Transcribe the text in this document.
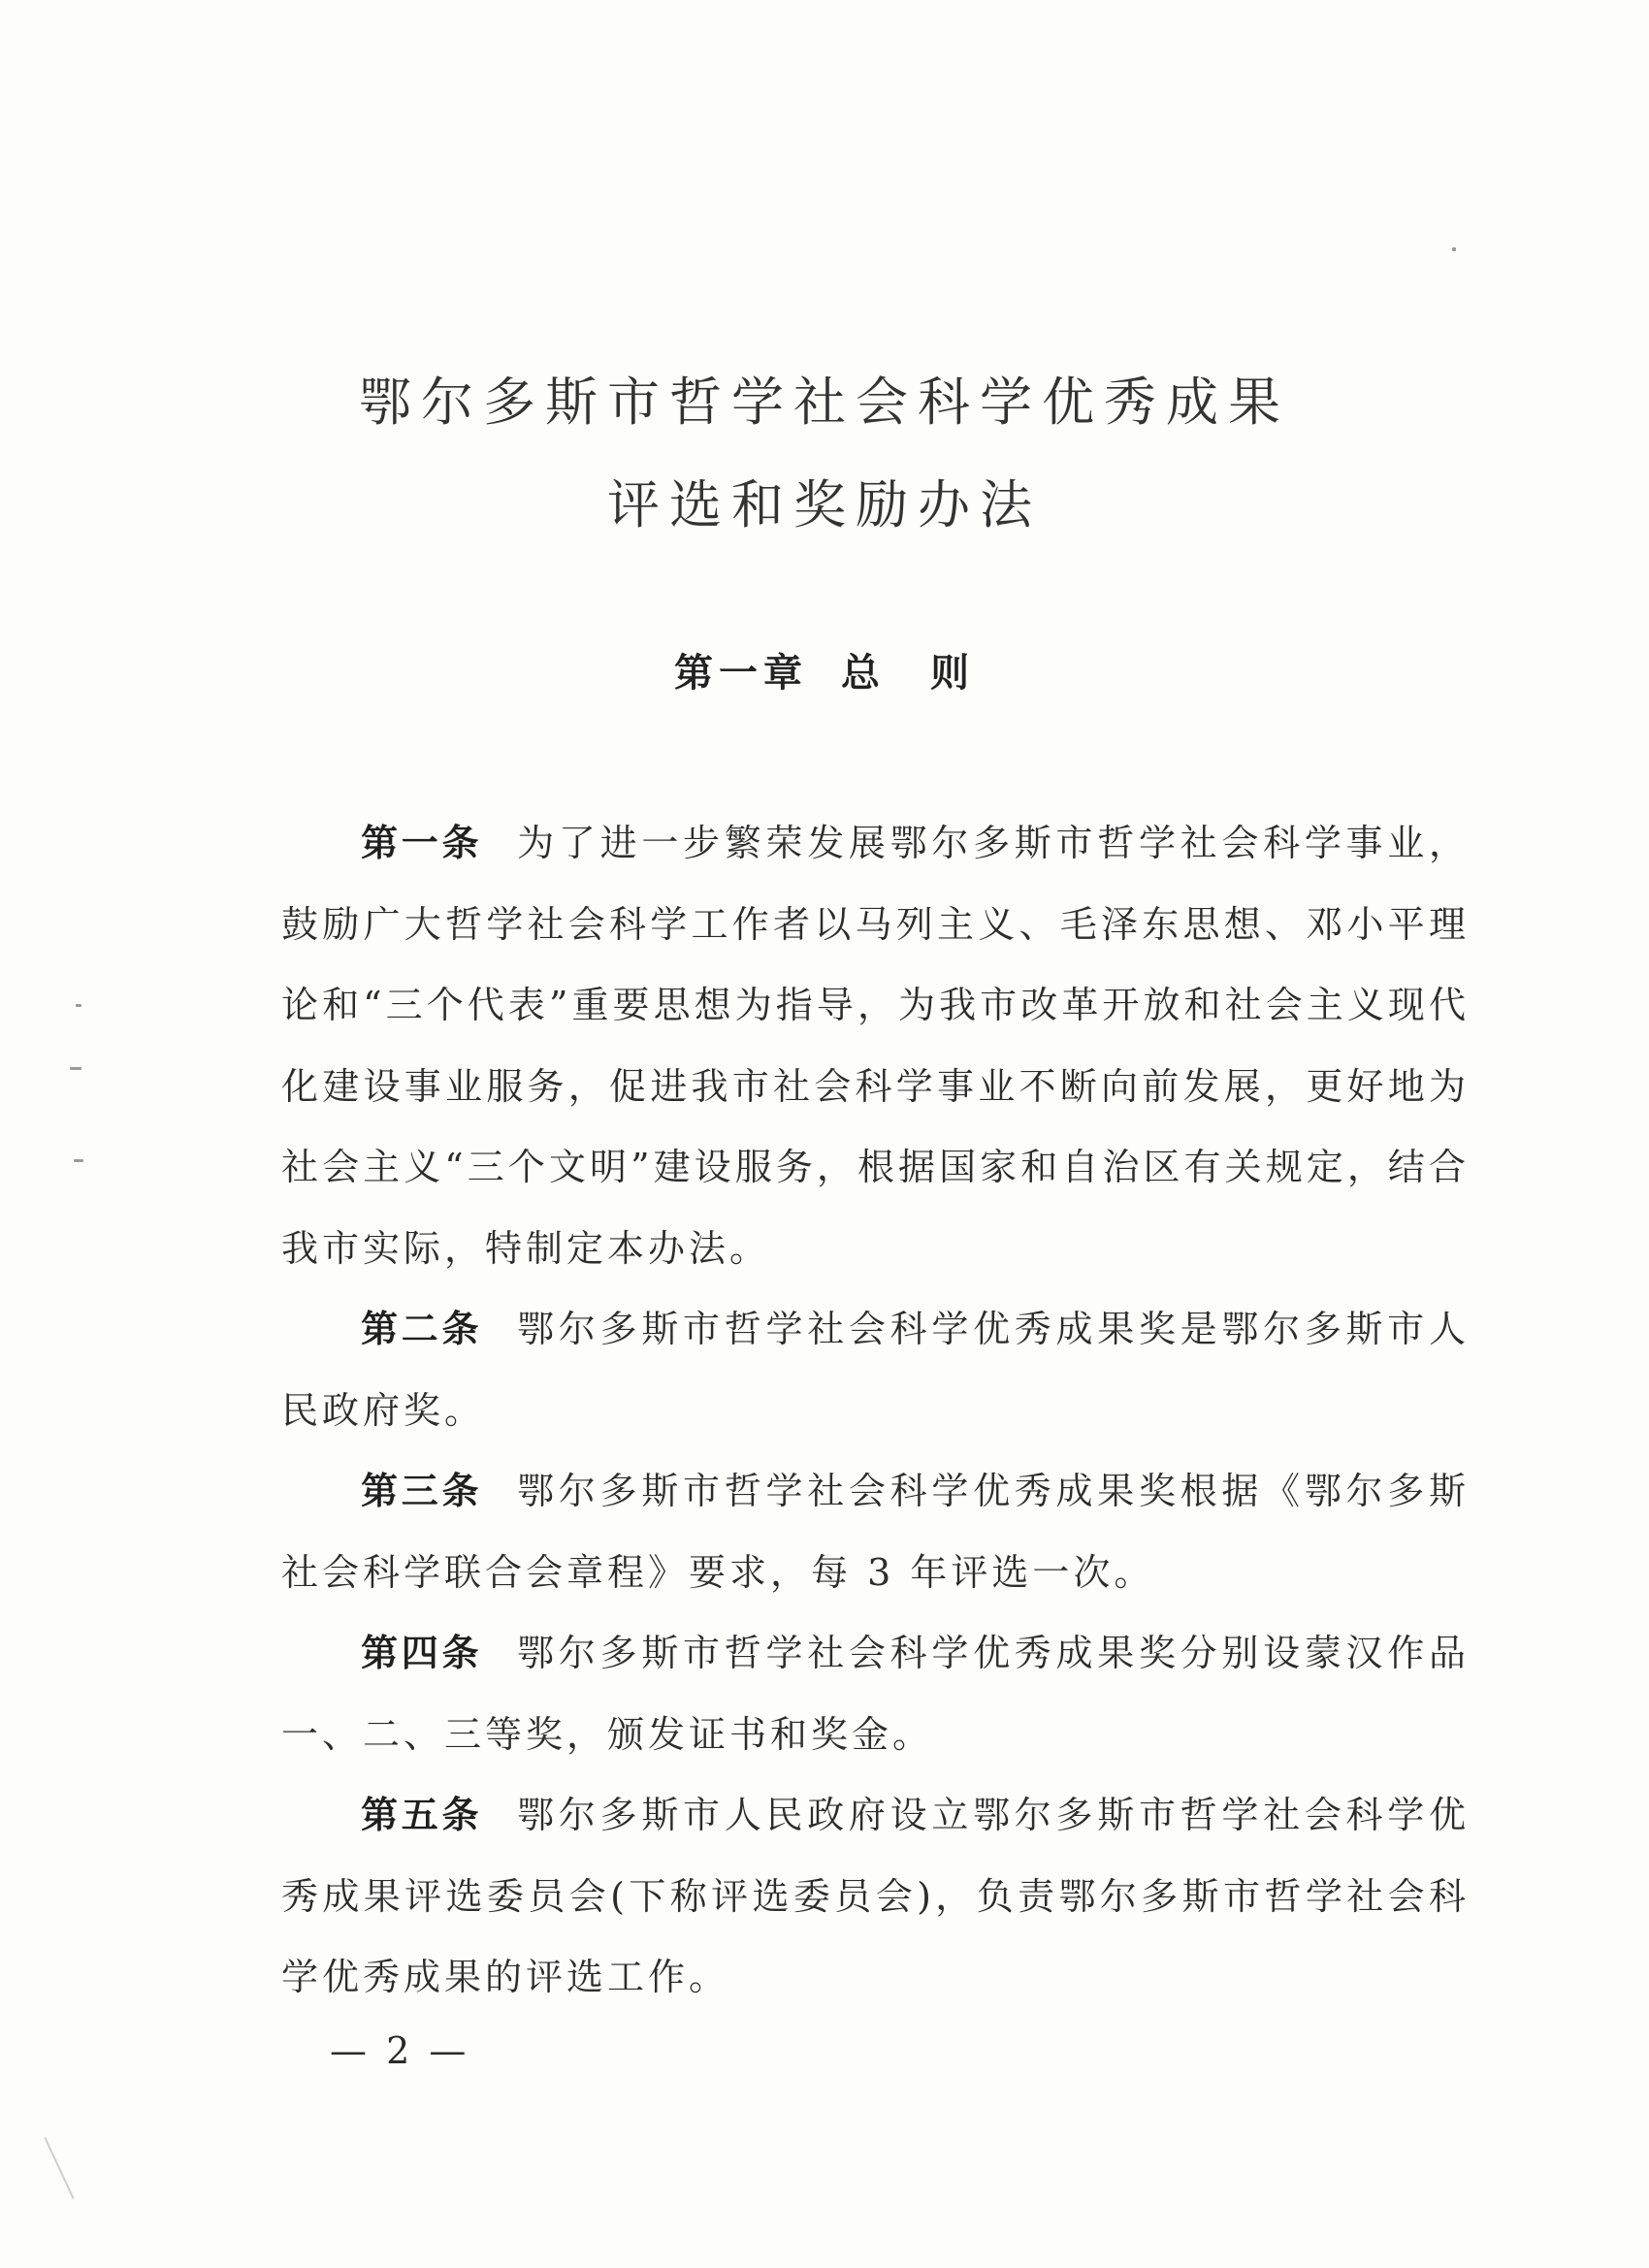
鄂尔多斯市哲学社会科学优秀成果
评选和奖励办法
第一章 总　则

第一条 为了进一步繁荣发展鄂尔多斯市哲学社会科学事业，鼓励广大哲学社会科学工作者以马列主义、毛泽东思想、邓小平理论和“三个代表”重要思想为指导，为我市改革开放和社会主义现代化建设事业服务，促进我市社会科学事业不断向前发展，更好地为社会主义“三个文明”建设服务，根据国家和自治区有关规定，结合我市实际，特制定本办法。

第二条 鄂尔多斯市哲学社会科学优秀成果奖是鄂尔多斯市人民政府奖。

第三条 鄂尔多斯市哲学社会科学优秀成果奖根据《鄂尔多斯社会科学联合会章程》要求，每 3 年评选一次。

第四条 鄂尔多斯市哲学社会科学优秀成果奖分别设蒙汉作品一、二、三等奖，颁发证书和奖金。

第五条 鄂尔多斯市人民政府设立鄂尔多斯市哲学社会科学优秀成果评选委员会(下称评选委员会)，负责鄂尔多斯市哲学社会科学优秀成果的评选工作。

— 2 —
